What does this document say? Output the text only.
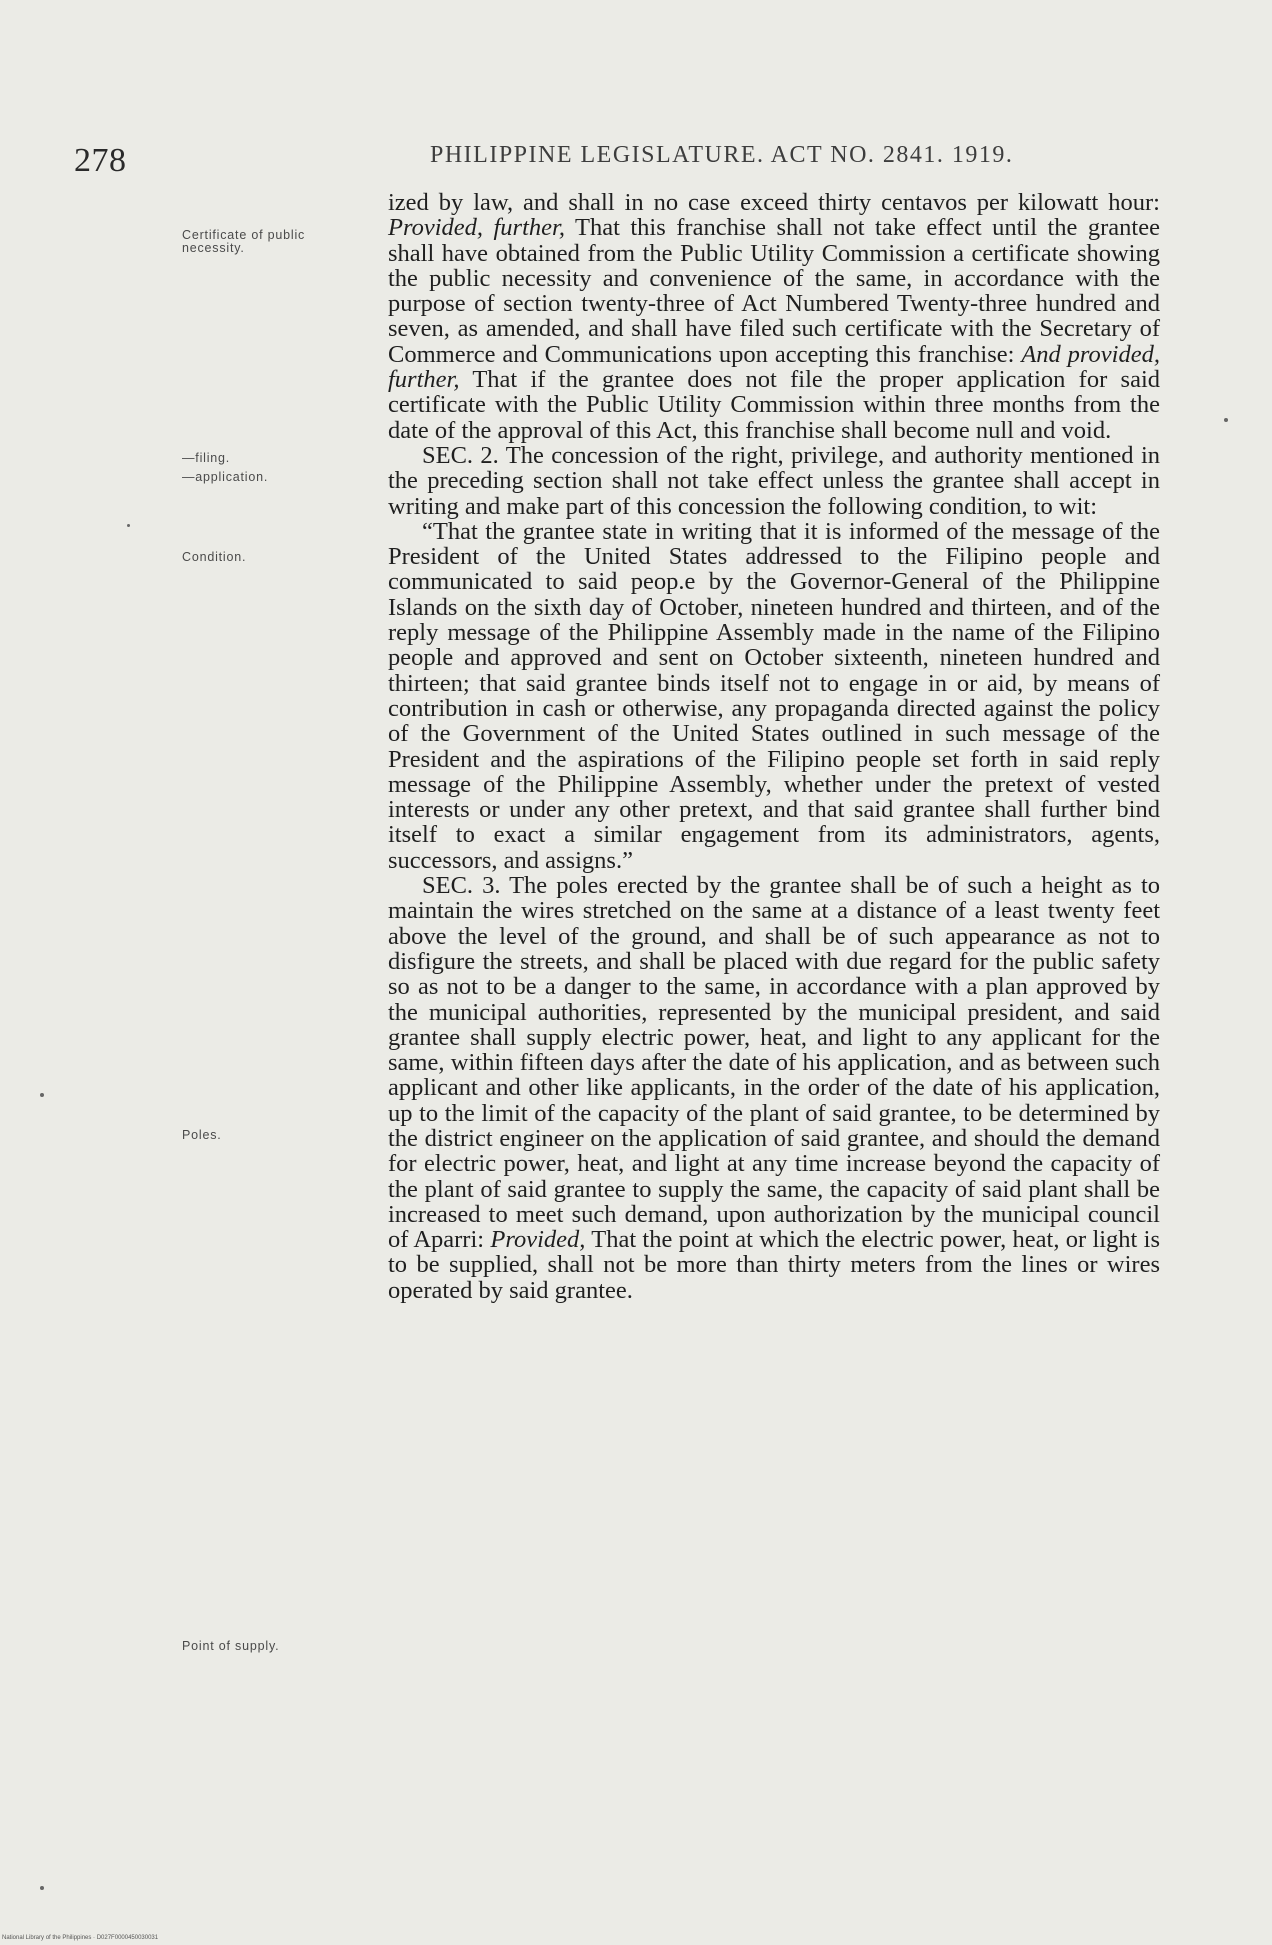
278	PHILIPPINE LEGISLATURE. ACT NO. 2841. 1919.
Certificate of public necessity.
—filing.
—application.
Condition.
Poles.
Point of supply.

ized by law, and shall in no case exceed thirty centavos per kilowatt hour: Provided, further, That this franchise shall not take effect until the grantee shall have obtained from the Public Utility Commission a certificate showing the public necessity and convenience of the same, in accordance with the purpose of section twenty-three of Act Numbered Twenty-three hundred and seven, as amended, and shall have filed such certificate with the Secretary of Commerce and Communications upon accepting this franchise: And provided, further, That if the grantee does not file the proper application for said certificate with the Public Utility Commission within three months from the date of the approval of this Act, this franchise shall become null and void.

SEC. 2. The concession of the right, privilege, and authority mentioned in the preceding section shall not take effect unless the grantee shall accept in writing and make part of this concession the following condition, to wit:

“That the grantee state in writing that it is informed of the message of the President of the United States addressed to the Filipino people and communicated to said peop.e by the Governor-General of the Philippine Islands on the sixth day of October, nineteen hundred and thirteen, and of the reply message of the Philippine Assembly made in the name of the Filipino people and approved and sent on October sixteenth, nineteen hundred and thirteen; that said grantee binds itself not to engage in or aid, by means of contribution in cash or otherwise, any propaganda directed against the policy of the Government of the United States outlined in such message of the President and the aspirations of the Filipino people set forth in said reply message of the Philippine Assembly, whether under the pretext of vested interests or under any other pretext, and that said grantee shall further bind itself to exact a similar engagement from its administrators, agents, successors, and assigns.”

SEC. 3. The poles erected by the grantee shall be of such a height as to maintain the wires stretched on the same at a distance of a least twenty feet above the level of the ground, and shall be of such appearance as not to disfigure the streets, and shall be placed with due regard for the public safety so as not to be a danger to the same, in accordance with a plan approved by the municipal authorities, represented by the municipal president, and said grantee shall supply electric power, heat, and light to any applicant for the same, within fifteen days after the date of his application, and as between such applicant and other like applicants, in the order of the date of his application, up to the limit of the capacity of the plant of said grantee, to be determined by the district engineer on the application of said grantee, and should the demand for electric power, heat, and light at any time increase beyond the capacity of the plant of said grantee to supply the same, the capacity of said plant shall be increased to meet such demand, upon authorization by the municipal council of Aparri: Provided, That the point at which the electric power, heat, or light is to be supplied, shall not be more than thirty meters from the lines or wires operated by said grantee.

National Library of the Philippines · D027F0000450030031
